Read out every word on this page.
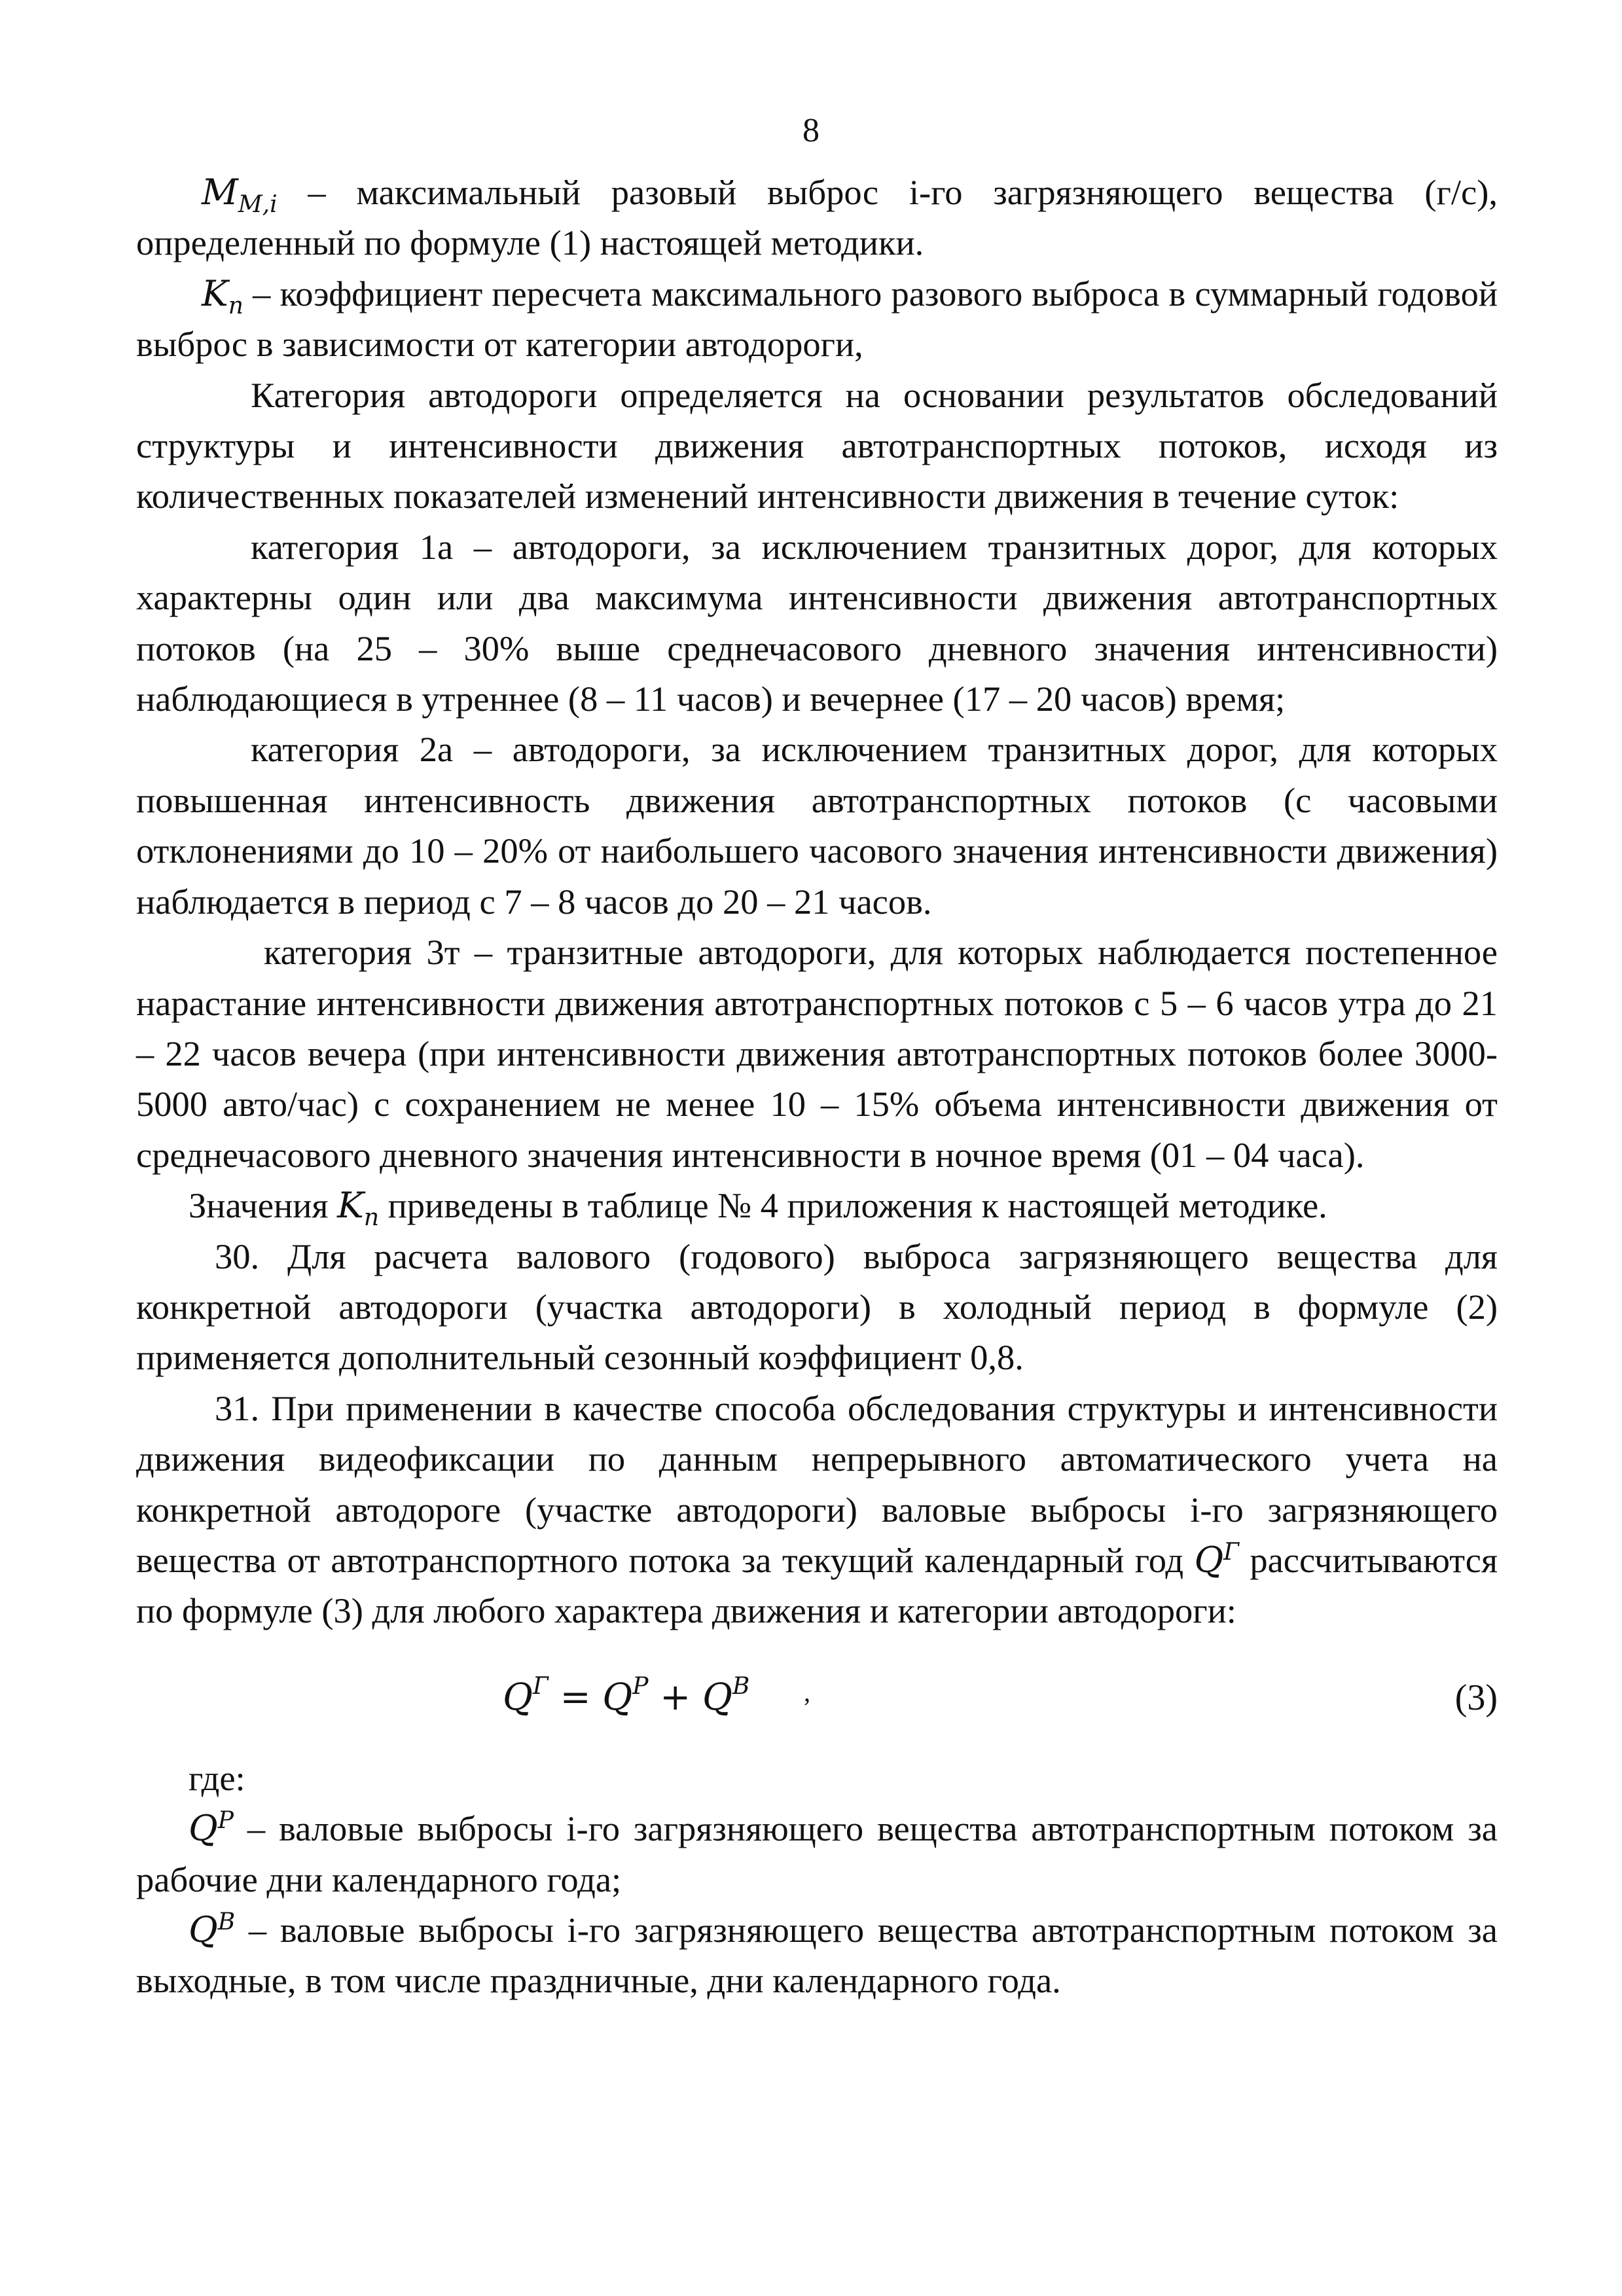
8

$M_{M,i}$ – максимальный разовый выброс i-го загрязняющего вещества (г/с), определенный по формуле (1) настоящей методики.

$K_п$ – коэффициент пересчета максимального разового выброса в суммарный годовой выброс в зависимости от категории автодороги,

Категория автодороги определяется на основании результатов обследований структуры и интенсивности движения автотранспортных потоков, исходя из количественных показателей изменений интенсивности движения в течение суток:

категория 1а – автодороги, за исключением транзитных дорог, для которых характерны один или два максимума интенсивности движения автотранспортных потоков (на 25 – 30% выше среднечасового дневного значения интенсивности) наблюдающиеся в утреннее (8 – 11 часов) и вечернее (17 – 20 часов) время;

категория 2а – автодороги, за исключением транзитных дорог, для которых повышенная интенсивность движения автотранспортных потоков (с часовыми отклонениями до 10 – 20% от наибольшего часового значения интенсивности движения) наблюдается в период с 7 – 8 часов до 20 – 21 часов.

категория 3т – транзитные автодороги, для которых наблюдается постепенное нарастание интенсивности движения автотранспортных потоков с 5 – 6 часов утра до 21 – 22 часов вечера (при интенсивности движения автотранспортных потоков более 3000-5000 авто/час) с сохранением не менее 10 – 15% объема интенсивности движения от среднечасового дневного значения интенсивности в ночное время (01 – 04 часа).

Значения $K_п$ приведены в таблице № 4 приложения к настоящей методике.

30. Для расчета валового (годового) выброса загрязняющего вещества для конкретной автодороги (участка автодороги) в холодный период в формуле (2) применяется дополнительный сезонный коэффициент 0,8.

31. При применении в качестве способа обследования структуры и интенсивности движения видеофиксации по данным непрерывного автоматического учета на конкретной автодороге (участке автодороги) валовые выбросы i-го загрязняющего вещества от автотранспортного потока за текущий календарный год $Q^Г$ рассчитываются по формуле (3) для любого характера движения и категории автодороги:

$Q^Г = Q^Р + Q^В$ ,	(3)

где:

$Q^Р$ – валовые выбросы i-го загрязняющего вещества автотранспортным потоком за рабочие дни календарного года;

$Q^В$ – валовые выбросы i-го загрязняющего вещества автотранспортным потоком за выходные, в том числе праздничные, дни календарного года.
